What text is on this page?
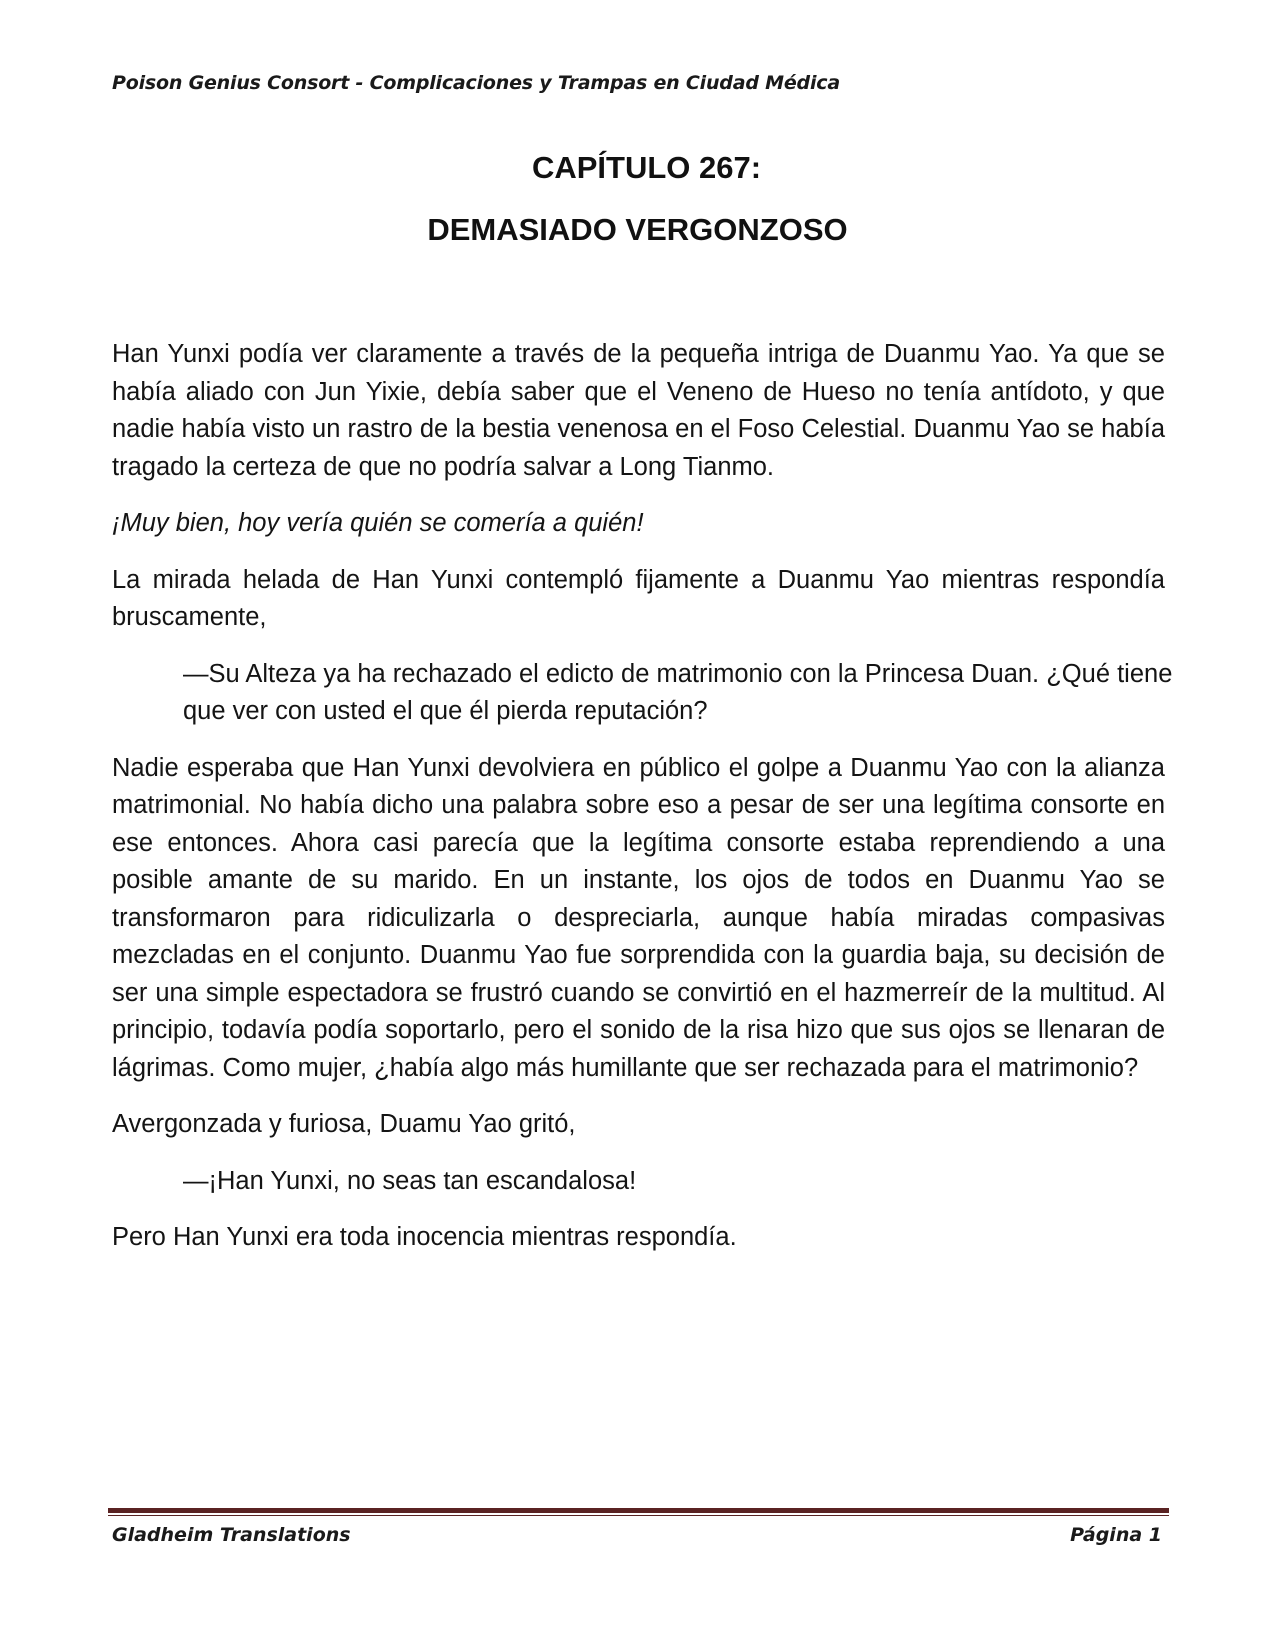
Poison Genius Consort - Complicaciones y Trampas en Ciudad Médica
CAPÍTULO 267:
DEMASIADO VERGONZOSO

Han Yunxi podía ver claramente a través de la pequeña intriga de Duanmu Yao. Ya que se había aliado con Jun Yixie, debía saber que el Veneno de Hueso no tenía antídoto, y que nadie había visto un rastro de la bestia venenosa en el Foso Celestial. Duanmu Yao se había tragado la certeza de que no podría salvar a Long Tianmo.

¡Muy bien, hoy vería quién se comería a quién!

La mirada helada de Han Yunxi contempló fijamente a Duanmu Yao mientras respondía bruscamente,

—Su Alteza ya ha rechazado el edicto de matrimonio con la Princesa Duan. ¿Qué tiene que ver con usted el que él pierda reputación?

Nadie esperaba que Han Yunxi devolviera en público el golpe a Duanmu Yao con la alianza matrimonial. No había dicho una palabra sobre eso a pesar de ser una legítima consorte en ese entonces. Ahora casi parecía que la legítima consorte estaba reprendiendo a una posible amante de su marido. En un instante, los ojos de todos en Duanmu Yao se transformaron para ridiculizarla o despreciarla, aunque había miradas compasivas mezcladas en el conjunto. Duanmu Yao fue sorprendida con la guardia baja, su decisión de ser una simple espectadora se frustró cuando se convirtió en el hazmerreír de la multitud. Al principio, todavía podía soportarlo, pero el sonido de la risa hizo que sus ojos se llenaran de lágrimas. Como mujer, ¿había algo más humillante que ser rechazada para el matrimonio?

Avergonzada y furiosa, Duamu Yao gritó,

—¡Han Yunxi, no seas tan escandalosa!

Pero Han Yunxi era toda inocencia mientras respondía.

Gladheim Translations	Página 1
